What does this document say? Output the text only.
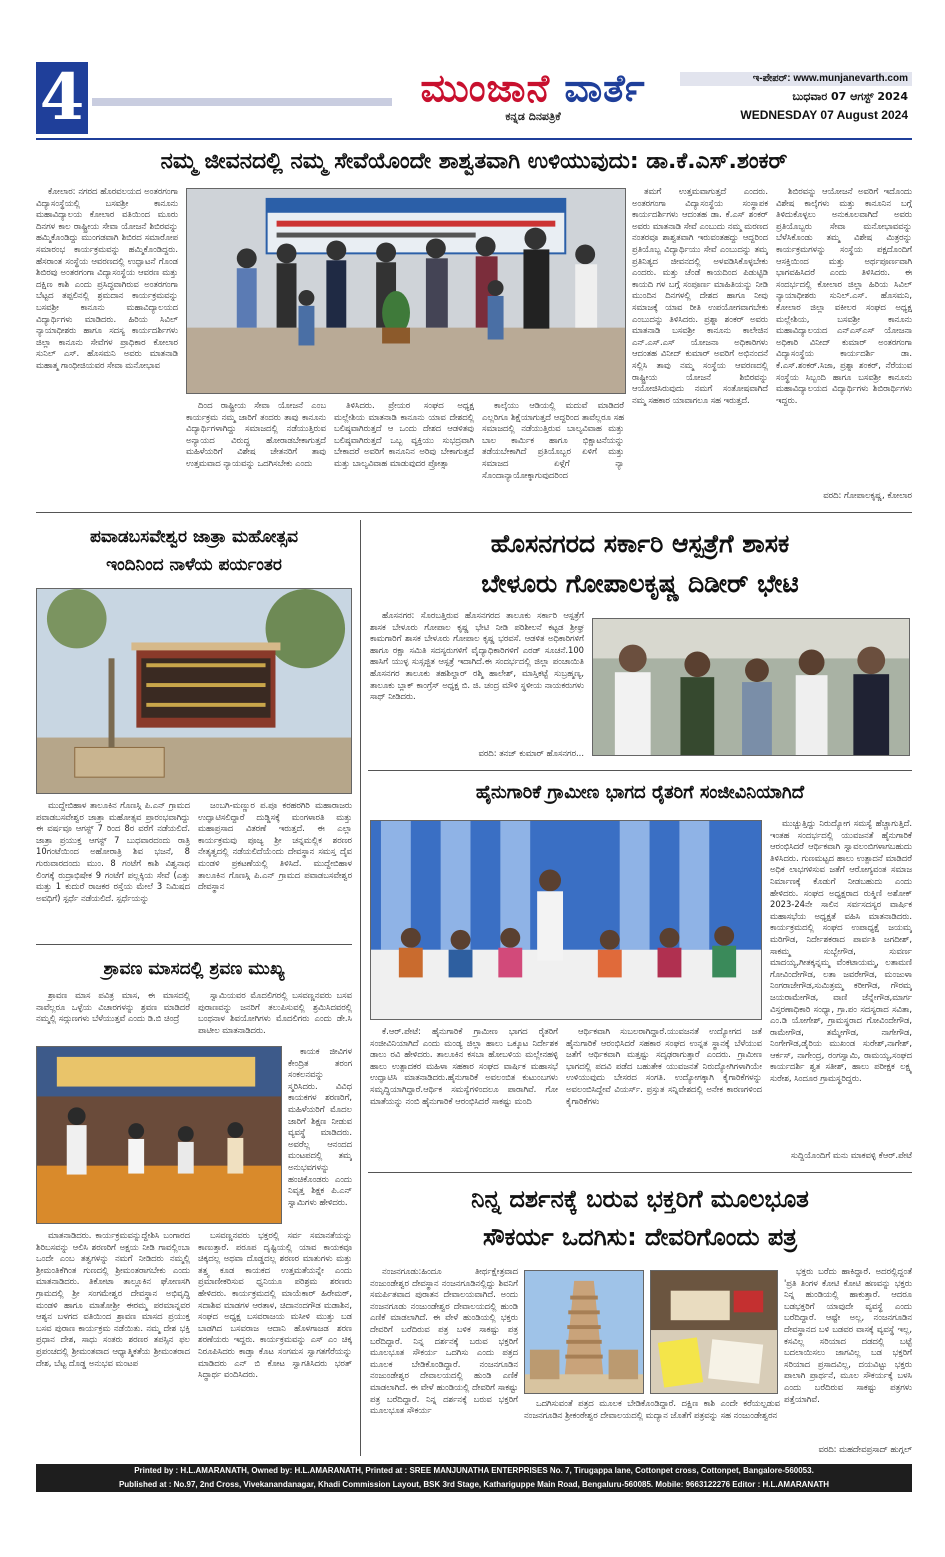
4	ಮುಂಜಾನೆ ವಾರ್ತೆ
ಕನ್ನಡ ದಿನಪತ್ರಿಕೆ
ಇ-ಪೇಪರ್: www.munjanevarth.com
ಬುಧವಾರ 07 ಆಗಸ್ಟ್ 2024
WEDNESDAY 07 August 2024
ನಮ್ಮ ಜೀವನದಲ್ಲಿ ನಮ್ಮ ಸೇವೆಯೊಂದೇ ಶಾಶ್ವತವಾಗಿ ಉಳಿಯುವುದು: ಡಾ.ಕೆ.ಎಸ್.ಶಂಕರ್

ಕೋಲಾರ: ನಗರದ ಹೊರವಲಯದ ಅಂತರಗಂಗಾ ವಿದ್ಯಾಸಂಸ್ಥೆಯಲ್ಲಿ ಬಸವಶ್ರೀ ಕಾನೂನು ಮಹಾವಿದ್ಯಾಲಯ ಕೋಲಾರ ವತಿಯಿಂದ ಮೂರು ದಿನಗಳ ಕಾಲ ರಾಷ್ಟ್ರೀಯ ಸೇವಾ ಯೋಜನೆ ಶಿಬಿರವನ್ನು ಹಮ್ಮಿಕೊಂಡಿದ್ದು ಮುಂಗಡವಾಗಿ ಶಿಬಿರದ ಸಮಾರೋಪ ಸಮಾರಂಭ ಕಾರ್ಯಕ್ರಮವನ್ನು ಹಮ್ಮಿಕೊಂಡಿದ್ದರು. ಹೆಸರಾಂತ ಸಂಸ್ಥೆಯ ಆವರಣದಲ್ಲಿ ಉದ್ಘಾಟನೆ ಗೊಂಡ ಶಿಬಿರವು ಅಂತರಗಂಗಾ ವಿದ್ಯಾಸಂಸ್ಥೆಯ ಆವರಣ ಮತ್ತು ದಕ್ಷಿಣ ಕಾಶಿ ಎಂದು ಪ್ರಸಿದ್ಧವಾಗಿರುವ ಅಂತರಗಂಗಾ ಬೆಟ್ಟದ ತಪ್ಪಲಿನಲ್ಲಿ ಶ್ರಮದಾನ ಕಾರ್ಯಕ್ರಮವನ್ನು ಬಸವಶ್ರೀ ಕಾನೂನು ಮಹಾವಿದ್ಯಾಲಯದ ವಿದ್ಯಾರ್ಥಿಗಳು ಮಾಡಿದರು. ಹಿರಿಯ ಸಿವಿಲ್ ನ್ಯಾಯಾಧೀಶರು ಹಾಗೂ ಸದಸ್ಯ ಕಾರ್ಯದರ್ಶಿಗಳು ಜಿಲ್ಲಾ ಕಾನೂನು ಸೇವೆಗಳ ಪ್ರಾಧಿಕಾರ ಕೋಲಾರ ಸುನಿಲ್ ಎಸ್. ಹೊಸಮನಿ ಅವರು ಮಾತನಾಡಿ ಮಹಾತ್ಮ ಗಾಂಧೀಜಿಯವರ ಸೇವಾ ಮನೋಭಾವ

ದಿಂದ ರಾಷ್ಟ್ರೀಯ ಸೇವಾ ಯೋಜನೆ ಎಂಬ ಕಾರ್ಯಕ್ರಮ ನಮ್ಮ ಜಾರಿಗೆ ತಂದರು ತಾವು ಕಾನೂನು ವಿದ್ಯಾರ್ಥಿಗಳಾಗಿದ್ದು ಸಮಾಜದಲ್ಲಿ ನಡೆಯುತ್ತಿರುವ ಅನ್ಯಾಯದ ವಿರುದ್ಧ ಹೋರಾಡಬೇಕಾಗುತ್ತದೆ ಮಹಿಳೆಯರಿಗೆ ವಿಶೇಷ ಚೇತನರಿಗೆ ತಾವು ಉತ್ತಮವಾದ ನ್ಯಾಯವನ್ನು ಒದಗಿಸಬೇಕು ಎಂದು

ತಿಳಿಸಿದರು. ಪ್ರೇಯರ ಸಂಘದ ಅಧ್ಯಕ್ಷ ಮಲ್ಲೇಶಿಯ ಮಾತನಾಡಿ ಕಾನೂನು ಯಾವ ದೇಶದಲ್ಲಿ ಬಲಿಷ್ಠವಾಗಿರುತ್ತದೆ ಆ ಒಂದು ದೇಶದ ಆಡಳಿತವು ಬಲಿಷ್ಠವಾಗಿರುತ್ತದೆ ಒಬ್ಬ ವ್ಯಕ್ತಿಯು ಸುಭದ್ರವಾಗಿ ಬೇಕಾದರೆ ಅವರಿಗೆ ಕಾನೂನಿನ ಅರಿವು ಬೇಕಾಗುತ್ತದೆ ಮತ್ತು ಬಾಲ್ಯವಿವಾಹ ಮಾಡುವುದರ ಪ್ರೋತ್ಸಾ

ಕಾಲ್ಕೆಯು ಆಡಿಯಲ್ಲಿ ಮದುವೆ ಮಾಡಿದರೆ ಎಲ್ಲರಿಗೂ ಶಿಕ್ಷೆಯಾಗುತ್ತದೆ ಆದ್ದರಿಂದ ತಾವೆಲ್ಲರೂ ಸಹ ಸಮಾಜದಲ್ಲಿ ನಡೆಯುತ್ತಿರುವ ಬಾಲ್ಯವಿವಾಹ ಮತ್ತು ಬಾಲ ಕಾರ್ಮಿಕ ಹಾಗೂ ಭಿಕ್ಷಾಟನೆಯನ್ನು ತಡೆಯಬೇಕಾಗಿದೆ ಪ್ರತಿಯೊಬ್ಬರ ಏಳಿಗೆ ಮತ್ತು ಸಮಾಜದ ಏಳ್ಗೆಗೆ ನ್ಯಾ ಸೊಂದಾನ್ಯಾಯೋಕ್ಕಾಗುವುದರಿಂದ

ತಮಗೆ ಉತ್ತಮವಾಗುತ್ತದೆ ಎಂದರು. ಅಂತರಗಂಗಾ ವಿದ್ಯಾಸಂಸ್ಥೆಯ ಸಂಸ್ಥಾಪಕ ಕಾರ್ಯದರ್ಶಿಗಳು ಆದಂತಹ ಡಾ. ಕೆ.ಎಸ್ ಶಂಕರ್ ಅವರು ಮಾತನಾಡಿ ಸೇವೆ ಎಂಬುದು ನಮ್ಮ ಮರಣದ ನಂತರವೂ ಶಾಶ್ವತವಾಗಿ ಇರುವಂತಹದ್ದು ಆದ್ದರಿಂದ ಪ್ರತಿಯೊಬ್ಬ ವಿದ್ಯಾರ್ಥಿಯು ಸೇವೆ ಎಂಬುದನ್ನು ತಮ್ಮ ಪ್ರತಿನಿತ್ಯದ ಜೀವನದಲ್ಲಿ ಅಳವಡಿಸಿಕೊಳ್ಳಬೇಕು ಎಂದರು. ಮತ್ತು ಚೆಂಡೆ ಕಾಯದಿಂದ ಪಿಡುಟ್ಟಿಡಿ ಕಾಯದಿ ಗಳ ಬಗ್ಗೆ ಸಂಪೂರ್ಣ ಮಾಹಿತಿಯನ್ನು ನೀಡಿ ಮುಂದಿನ ದಿನಗಳಲ್ಲಿ ದೇಶದ ಹಾಗೂ ನೀವು ಸಮಾಜಕ್ಕೆ ಯಾವ ರೀತಿ ಉಪಯೋಗವಾಗಬೇಕು ಎಂಬುದನ್ನು ತಿಳಿಸಿದರು. ಪ್ರಶ್ನಾ ಶಂಕರ್ ಅವರು ಮಾತನಾಡಿ ಬಸವಶ್ರೀ ಕಾನೂನು ಕಾಲೇಜಿನ ಎನ್.ಎಸ್.ಎಸ್ ಯೋಜನಾ ಅಧಿಕಾರಿಗಳು ಆದಂತಹ ವಿನೀದ್ ಕುಮಾರ್ ಅವರಿಗೆ ಅಭಿನಂದನೆ ಸಲ್ಲಿಸಿ ತಾವು ನಮ್ಮ ಸಂಸ್ಥೆಯ ಆವರಣದಲ್ಲಿ ರಾಷ್ಟ್ರೀಯ ಯೋಜನೆ ಶಿಬಿರವನ್ನು ಆಯೋಜಿಸಿರುವುದು ನಮಗೆ ಸಂತೋಷವಾಗಿದೆ ನಮ್ಮ ಸಹಕಾರ ಯಾವಾಗಲೂ ಸಹ ಇರುತ್ತದೆ.

ಶಿಬಿರವನ್ನು ಆಯೋಜನೆ ಅವರಿಗೆ ಇದೊಂದು ವಿಶೇಷ ಕಾಲ್ಕೆಗಳು ಮತ್ತು ಕಾನೂನಿನ ಬಗ್ಗೆ ತಿಳಿದುಕೊಳ್ಳಲು ಅನುಕೂಲವಾಗಿದೆ ಅವರು ಪ್ರತಿಯೊಬ್ಬರು ಸೇವಾ ಮನೋಭಾವವನ್ನು ಬೆಳೆಸಿಕೊಂಡು ತಮ್ಮ ವಿಶೇಷ ಮಿತ್ರರನ್ನು ಕಾರ್ಯಕ್ರಮಗಳನ್ನು ಸಂಸ್ಥೆಯ ಪಕ್ಷದೊಂದಿಗೆ ಆಸಕ್ತಿಯಿಂದ ಮತ್ತು ಅರ್ಥಪೂರ್ಣವಾಗಿ ಭಾಗವಹಿಸಿದರೆ ಎಂದು ತಿಳಿಸಿದರು. ಈ ಸಂದರ್ಭದಲ್ಲಿ ಕೋಲಾರ ಜಿಲ್ಲಾ ಹಿರಿಯ ಸಿವಿಲ್ ನ್ಯಾಯಾಧೀಶರು ಸುನಿಲ್.ಎಸ್. ಹೊಸಮನಿ, ಕೋಲಾರ ಜಿಲ್ಲಾ ವಕೀಲರ ಸಂಘದ ಅಧ್ಯಕ್ಷ ಮಲ್ಲೇಶಿಯ, ಬಸವಶ್ರೀ ಕಾನೂನು ಮಹಾವಿದ್ಯಾಲಯದ ಎನ್ಎಸ್ಎಸ್ ಯೋಜನಾ ಅಧಿಕಾರಿ ವಿನೀದ್ ಕುಮಾರ್ ಅಂತರಗಂಗಾ ವಿದ್ಯಾಸಂಸ್ಥೆಯ ಕಾರ್ಯದರ್ಶಿ ಡಾ. ಕೆ.ಎಸ್.ಶಂಕರ್.ಸಿಜಾ, ಪ್ರಶ್ನಾ ಶಂಕರ್, ನೆರೆಯುವ ಸಂಸ್ಥೆಯ ಸಿಬ್ಬಂದಿ ಹಾಗೂ ಬಸವಶ್ರೀ ಕಾನೂನು ಮಹಾವಿದ್ಯಾಲಯದ ವಿದ್ಯಾರ್ಥಿಗಳು ಶಿಬಿರಾರ್ಥಿಗಳು ಇದ್ದರು.

ವರದಿ: ಗೋಪಾಲಕೃಷ್ಣ, ಕೋಲಾರ
ಪವಾಡಬಸವೇಶ್ವರ ಜಾತ್ರಾ ಮಹೋತ್ಸವ
ಇಂದಿನಿಂದ ನಾಳೆಯ ಪರ್ಯಂತರ

ಮುದ್ದೇಬಿಹಾಳ ತಾಲೂಕಿನ ಗೊಣಸ್ಗಿ ಪಿ.ಎನ್ ಗ್ರಾಮದ ಪವಾಡಬಸವೇಶ್ವರ ಜಾತ್ರಾ ಮಹೋತ್ಸವ ಪ್ರಾರಂಭವಾಗಿದ್ದು ಈ ವರ್ಷವೂ ಆಗಸ್ಟ್ 7 ರಿಂದ 8ರ ವರೆಗೆ ನಡೆಯಲಿದೆ. ಜಾತ್ರಾ ಪ್ರಯುಕ್ತ ಆಗಸ್ಟ್ 7 ಬುಧವಾರದಂದು ರಾತ್ರಿ 10ಗಂಟೆಯಿಂದ ಅಹೋರಾತ್ರಿ ಶಿವ ಭಜನೆ, 8 ಗುರುವಾರದಂದು ಮುಂ. 8 ಗಂಟೆಗೆ ಕಾಶಿ ವಿಶ್ವನಾಥ ಲಿಂಗಕ್ಕೆ ರುದ್ರಾಭಿಷೇಕ 9 ಗಂಟೆಗೆ ಪಲ್ಲಕ್ಕಿಯ ಸೇವೆ (ಎತ್ತು ಮತ್ತು 1 ಕುದುರೆ ರಾಜಕರ ರಸ್ತೆಯ ಮೇಲೆ 3 ನಿಮಿಷದ ಅವಧಿಗೆ) ಸ್ಪರ್ಧೆ ನಡೆಯಲಿದೆ. ಸ್ಪರ್ಧೆಯನ್ನು

ಜಂಬಗಿ-ಮಣ್ಣುರ ಪ.ಪೂ ಕರಹರಗಿರಿ ಮಹಾರಾಜರು ಉದ್ಘಾಟಿಸಲಿದ್ದಾರೆ ದುಡ್ಡಿಸಕ್ಕೆ ಮಂಗಳಾರತಿ ಮತ್ತು ಮಹಾಪ್ರಸಾದ ವಿತರಣೆ ಇರುತ್ತದೆ. ಈ ಎಲ್ಲಾ ಕಾರ್ಯಕ್ರಮವು ಪೂಜ್ಯ ಶ್ರೀ ಚನ್ನಮಲ್ಲಿಕ ಶರಣರ ನೇತೃತ್ವದಲ್ಲಿ ನಡೆಯಲಿದೆಯೆಂದು ದೇವಸ್ಥಾನ ಸಮಸ್ತ ದೈವ ಮಂಡಳಿ ಪ್ರಕಟಣೆಯಲ್ಲಿ ತಿಳಿಸಿದೆ. ಮುದ್ದೇಬಿಹಾಳ ತಾಲೂಕಿನ ಗೊಣಸ್ಗಿ ಪಿ.ಎನ್ ಗ್ರಾಮದ ಪವಾಡಬಸವೇಶ್ವರ ದೇವಸ್ಥಾನ

ಶ್ರಾವಣ ಮಾಸದಲ್ಲಿ ಶ್ರವಣ ಮುಖ್ಯ

ಶ್ರಾವಣ ಮಾಸ ಪವಿತ್ರ ಮಾಸ, ಈ ಮಾಸದಲ್ಲಿ ನಾವೆಲ್ಲರೂ ಒಳ್ಳೆಯ ವಿಚಾರಗಳನ್ನು ಶ್ರವಣ ಮಾಡಿದರೆ ನಮ್ಮಲ್ಲಿ ಸದ್ಗುಣಗಳು ಬೆಳೆಯುತ್ತವೆ ಎಂದು ಡಿ.ಬಿ ಚಿಂದ್ರೆ

ಸ್ವಾಮಿಯವರ ಮೊದಲಿಗರಲ್ಲಿ ಬಸವಣ್ಣನವರು ಬಸವ ಪುರಾಣವನ್ನು ಜನರಿಗೆ ತಲುಪಿಸುವಲ್ಲಿ ಶ್ರಮಿಸಿದವರಲ್ಲಿ ಬಂಥನಾಳ ಶಿವಯೋಗಿಗಳು ಮೊದಲಿಗರು ಎಂದು ಡೇ.ಸಿ ಪಾಟೀಲ ಮಾತನಾಡಿದರು.

ಕಾಯಕ ಜೀವಿಗಳ ಕೇಂದ್ರಿತ ತರಂಗ ಸಂಕಲನವನ್ನು ಸ್ಮರಿಸಿದರು. ವಿವಿಧ ಕಾಯಕಗಳ ಶರಣರಿಗೆ, ಮಹಿಳೆಯರಿಗೆ ಮೊದಲ ಜಾರಿಗೆ ಶಿಕ್ಷಣ ನೀಡುವ ವ್ಯವಸ್ಥೆ ಮಾಡಿದರು. ಅವರೆಲ್ಲ ಆನಂದದ ಮಂಟಪದಲ್ಲಿ ತಮ್ಮ ಅನುಭವಗಳನ್ನು ಹಂಚಿಕೊಂಡರು ಎಂದು ನಿವೃತ್ತ ಶಿಕ್ಷಕ ಪಿ.ಎನ್ ಸ್ವಾಮಿಗಳು ಹೇಳಿದರು.

ಮಾತನಾಡಿದರು. ಕಾರ್ಯಕ್ರಮವನ್ನುದ್ದೇಶಿಸಿ ಬಂಗಾರದ ಶಿರಿಬಸವನ್ನು ಆಲಿಸಿ ಶರಣರಿಗೆ ಅಕ್ಷಯ ನೀಡಿ ಗಾವಲ್ಲಿಂಬಾ ಒಂದೇ ಎಂಬ ತತ್ವಗಳನ್ನು ನಮಗೆ ನೀಡಿದರು ನಮ್ಮಲ್ಲಿ ಶ್ರೀಮಂತಿಕೆಗಿಂತ ಗುಣದಲ್ಲಿ ಶ್ರೀಮಂತರಾಗಬೇಕು ಎಂದು ಮಾತನಾಡಿದರು. ತಿಕೋಟಾ ತಾಲ್ಲೂಕಿನ ಘೋಣಸಗಿ ಗ್ರಾಮದಲ್ಲಿ ಶ್ರೀ ಸಂಗಮೇಶ್ವರ ದೇವಸ್ಥಾನ ಅಭಿವೃದ್ಧಿ ಮಂಡಳಿ ಹಾಗೂ ಮಾತೋಶ್ರೀ ಈರಮ್ಮ ಪರಮಾನ್ನವರ ಆಶ್ಯನ ಬಳಗದ ವತಿಯಿಂದ ಶ್ರಾವಣ ಮಾಸದ ಪ್ರಯುಕ್ತ ಬಸವ ಪುರಾಣ ಕಾರ್ಯಕ್ರಮ ನಡೆಯಿತು. ನಮ್ಮ ದೇಶ ಭಕ್ತಿ ಪ್ರಧಾನ ದೇಶ, ಸಾಧು ಸಂತರು ಶರಣರ ತಪಸ್ಸಿನ ಫಲ ಪ್ರಪಂಚದಲ್ಲಿ ಶ್ರೀಮಂತವಾದ ಆಧ್ಯಾತ್ಮಿಕತೆಯ ಶ್ರೀಮಂತರಾದ ದೇಶ, ಬೆಟ್ಟ ದೊಡ್ಡ ಅನುಭವ ಮಂಟಪ

ಬಸವಣ್ಣನವರು ಭಕ್ತರಲ್ಲಿ ಸರ್ವ ಸಮಾನತೆಯನ್ನು ಕಾಣುತ್ತಾರೆ. ಪರೂಪ ದೃಷ್ಟಿಯಲ್ಲಿ ಯಾವ ಕಾಯಕವೂ ಚಿಕ್ಕದಲ್ಲ ಅಥವಾ ದೊಡ್ಡದಲ್ಲ ಶರಣರ ಮಾತುಗಳು ಮತ್ತು ತತ್ತ್ವ ಕೂಡ ಕಾಯಕದ ಉತ್ತಮತೆಯನ್ನೇ ಎಂದು ಪ್ರಮಾಣೀಕರಿಸುವ ಧ್ವನಿಯೂ ಪರಿಶ್ರಮ ಶರಣರು ಹೇಳಿದರು. ಕಾರ್ಯಕ್ರಮದಲ್ಲಿ ಮಾಯೆಕಾರ್ ಹಿರೇಮಠ್, ಸದಾಶಿವ ಮಾಡಗಳ ಆರತಾಳ, ಚಿದಾನಂದಗೌಡ ಮಡಾಶಿನ, ಸಂಘದ ಅಧ್ಯಕ್ಷ ಬಸವರಾಜಯ ಮಸೀಳಿ ಮುತ್ತು ಬಡ ಬಾಡಗಿದ ಬಸವರಾಜ ಆದಾನಿ ಹೊಳಗಾಜಡ ಶರಣ ಶರಣೆಯರು ಇದ್ದರು. ಕಾರ್ಯಕ್ರಮವನ್ನು ಎಸ್ ಎಂ ಚಿಕ್ಕ ನಿರೂಪಿಸಿದರು ಕಾಡ್ತಾ ಕೊಟ ಸಂಗಮಸ ಸ್ವಾಗತಗೆರೆಯನ್ನು ಮಾಡಿದರು ಎನ್ ಬಿ ಕೋಟ ಸ್ವಾಗತಿಸಿದರು ಭರತ್ ಸಿದ್ಧಾರ್ಥ ವಂದಿಸಿದರು.

ಹೊಸನಗರದ ಸರ್ಕಾರಿ ಆಸ್ಪತ್ರೆಗೆ ಶಾಸಕ
ಬೇಳೂರು ಗೋಪಾಲಕೃಷ್ಣ ದಿಡೀರ್ ಭೇಟಿ

ಹೊಸನಗರ: ಸೊರಬತ್ತಿರುವ ಹೊಸನಗರದ ತಾಲೂಕು ಸರ್ಕಾರಿ ಆಸ್ಪತ್ರೆಗೆ ಶಾಸಕ ಬೇಳೂರು ಗೋಪಾಲ ಕೃಷ್ಣ ಭೇಟಿ ನೀಡಿ ಪರಿಶೀಲನೆ ಕಟ್ಟಡ ಶ್ರೀಘ್ರ ಕಾಮಗಾರಿಗೆ ಶಾಸಕ ಬೇಳೂರು ಗೋಪಾಲ ಕೃಷ್ಣ ಭರವಸೆ. ಆಡಳಿತ ಅಧಿಕಾರಿಗಳಿಗೆ ಹಾಗೂ ರಕ್ಷಾ ಸಮಿತಿ ಸದಸ್ಯರುಗಳಿಗೆ ವೈದ್ಯಾಧಿಕಾರಿಗಳಿಗೆ ಎರಡ್ ಸೂಚನೆ.100 ಹಾಸಿಗೆ ಯುಳ್ಳ ಸುಸ್ಸಜ್ಜಿತ ಆಸ್ಪತ್ರೆ ಇದಾಗಿದೆ.ಈ ಸಂದರ್ಭದಲ್ಲಿ ಜಿಲ್ಲಾ ಪಂಚಾಯಿತಿ ಹೊಸನಗರ ತಾಲೂಕು ತಹಶಿಲ್ದಾರ್ ರಶ್ಮಿ ಹಾಲೇಶ್, ಮಾಸ್ತಿಕಟ್ಟೆ ಸುಬ್ರಹ್ಮಣ್ಯ, ತಾಲೂಕು ಬ್ಲಾಕ್ ಕಾಂಗ್ರೆಸ್ ಅಧ್ಯಕ್ಷ ಬಿ. ಜಿ. ಚಂದ್ರ ಮೌಳಿ ಸ್ಥಳೀಯ ನಾಯಕರುಗಳು ಸಾಥ್ ನೀಡಿದರು.

ವರದಿ: ತನಜ್ ಕುಮಾರ್ ಹೊಸನಗರ...
ಹೈನುಗಾರಿಕೆ ಗ್ರಾಮೀಣ ಭಾಗದ ರೈತರಿಗೆ ಸಂಜೀವಿನಿಯಾಗಿದೆ

ಕೆ.ಆರ್.ಪೇಟೆ: ಹೈನುಗಾರಿಕೆ ಗ್ರಾಮೀಣ ಭಾಗದ ರೈತರಿಗೆ ಸಂಜೀವಿನಿಯಾಗಿದೆ ಎಂದು ಮಂಡ್ಯ ಜಿಲ್ಲಾ ಹಾಲು ಒಕ್ಕೂಟ ನಿರ್ದೇಶಕ ಡಾಲು ರವಿ ಹೇಳಿದರು. ತಾಲೂಕಿನ ಕಸಬಾ ಹೋಬಳಿಯ ಮಲ್ಲೇನಹಳ್ಳಿ ಹಾಲು ಉತ್ಪಾದಕರ ಮಹಿಳಾ ಸಹಕಾರ ಸಂಘದ ವಾರ್ಷಿಕ ಮಹಾಸಭೆ ಉದ್ಘಾಟಿಸಿ ಮಾತನಾಡಿದರು.ಹೈನುಗಾರಿಕೆ ಅವಲಂಬಿತ ಕುಟುಂಬಗಳು ಸಮೃದ್ಧಿಯಾಗಿದ್ದಾರೆ.ಆರ್ಥಿಕ ಸಮಸ್ಯೆಗಳಿಂದಲೂ ಪಾರಾಗಿವೆ. ಗೋ ಮಾತೆಯನ್ನು ನಂಬಿ ಹೈನುಗಾರಿಕೆ ಆರಂಭಿಸಿದರೆ ಸಾಕಷ್ಟು ಮಂದಿ

ಆರ್ಥಿಕವಾಗಿ ಸುಬಲರಾಗಿದ್ದಾರೆ.ಯುವಜನತೆ ಉದ್ಯೋಗದ ಜತೆ ಹೈನುಗಾರಿಕೆ ಆರಂಭಿಸಿದರೆ ಸಹಕಾರ ಸಂಘದ ಉನ್ನತ ಸ್ಥಾನಕ್ಕೆ ಬೆಳೆಯುವ ಜತೆಗೆ ಆರ್ಥಿಕವಾಗಿ ಮತ್ತಷ್ಟು ಸದೃಢರಾಗುತ್ತಾರೆ ಎಂದರು. ಗ್ರಾಮೀಣ ಭಾಗದಲ್ಲಿ ಪದವಿ ಪಡೆದ ಬಹುತೇಕ ಯುವಜನತೆ ನಿರುದ್ಯೋಗಿಗಳಾಗಿಯೇ ಉಳಿಯುವುದು ಬೇಸರದ ಸಂಗತಿ. ಉದ್ಯೋಗಕ್ಕಾಗಿ ಕೈಗಾರಿಕೆಗಳನ್ನು ಅವಲಂಬಿಸಿದ್ದೇವೆ ವಿಯರ್ಸ್. ಪ್ರಸ್ತುತ ಸನ್ನಿವೇಶದಲ್ಲಿ ಅನೇಕ ಕಾರಣಗಳಿಂದ ಕೈಗಾರಿಕೆಗಳು

ಮುಚ್ಚುತ್ತಿದ್ದು ನಿರುದ್ಯೋಗ ಸಮಸ್ಯೆ ಹೆಚ್ಚಾಗುತ್ತಿದೆ. ಇಂತಹ ಸಂದರ್ಭದಲ್ಲಿ ಯುವಜನತೆ ಹೈನುಗಾರಿಕೆ ಆರಂಭಿಸಿದರೆ ಆರ್ಥಿಕವಾಗಿ ಸ್ವಾವಲಂಬಿಗಳಾಗಬಹುದು ತಿಳಿಸಿದರು. ಗುಣಮಟ್ಟದ ಹಾಲು ಉತ್ಪಾದನೆ ಮಾಡಿದರೆ ಅಧಿಕ ಲಾಭಗಳಿಸುವ ಜತೆಗೆ ಆರೋಗ್ಯವಂತ ಸಮಾಜ ನಿರ್ಮಾಣಕ್ಕೆ ಕೊಡುಗೆ ನೀಡಬಹುದು ಎಂದು ಹೇಳಿದರು. ಸಂಘದ ಅಧ್ಯಕ್ಷರಾದ ರುಕ್ಮಿಣಿ ಅಶೋಕ್ 2023-24ನೇ ಸಾಲಿನ ಸರ್ವಸದಸ್ಯರ ವಾರ್ಷಿಕ ಮಹಾಸಭೆಯ ಅಧ್ಯಕ್ಷತೆ ವಹಿಸಿ ಮಾತನಾಡಿದರು. ಕಾರ್ಯಕ್ರಮದಲ್ಲಿ ಸಂಘದ ಉಪಾಧ್ಯಕ್ಷೆ ಜಯಮ್ಮ ಮರಿಗೌಡ, ನಿರ್ದೇಶಕರಾದ ಪಾರ್ವತಿ ಜಗದೀಶ್, ಸಾಕಮ್ಮ ಸುಬ್ಬೇಗೌಡ, ಸುವರ್ಣ ಮಾದಯ್ಯ,ಗೀತಕ್ಕನ್ನಮ್ಮ ವೆಂಕಟಾಯಮ್ಮ, ಲತಾಮಣಿ ಗೋವಿಂದೇಗೌಡ, ಲತಾ ಜವರೇಗೌಡ, ಮಂಜುಳಾ ನಿಂಗರಾಜೇಗೌಡ,ಸುಮಿತ್ರಮ್ಮ ಕರೀಗೌಡ, ಗೌರಮ್ಮ ಜಯರಾಮೇಗೌಡ, ವಾಣಿ ಜೆನ್ನೇಗೌಡ,ಮಾರ್ಗ ವಿಸ್ತರಣಾಧಿಕಾರಿ ಸಂಧ್ಯಾ, ಗ್ರಾ.ಪಂ ಸದಸ್ಯರಾದ ಸವಿತಾ, ಎಂ.ಡಿ ಯೋಗೇಶ್, ಗ್ರಾಮಸ್ಥರಾದ ಗೋವಿಂದೇಗೌಡ, ರಾಮೇಗೌಡ, ತಮ್ಮೇಗೌಡ, ನಾಗೇಗೌಡ, ನಿಂಗೇಗೌಡ,ಡೈರಿಯ ಮುಖಂಡ ಸುರೇಶ್,ನಾಗೇಶ್, ಆರ್ಕಸ್, ನಾಗೇಂದ್ರ, ರಂಗಸ್ವಾಮಿ, ರಾಮಯ್ಯ,ಸಂಘದ ಕಾರ್ಯದರ್ಶಿ ಶ್ವತ ಸತೀಶ್, ಹಾಲು ಪರೀಕ್ಷಕ ಲಕ್ಷ್ಮ ಸುರೇಶ, ಸಿಂದೂರ ಗ್ರಾಮಸ್ಥರಿದ್ದರು.

ಸುದ್ದಿಯೊಂದಿಗೆ ಮನು ಮಾಕವಳ್ಳಿ ಕೆಆರ್.ಪೇಟೆ
ನಿನ್ನ ದರ್ಶನಕ್ಕೆ ಬರುವ ಭಕ್ತರಿಗೆ ಮೂಲಭೂತ
ಸೌಕರ್ಯ ಒದಗಿಸು: ದೇವರಿಗೊಂದು ಪತ್ರ

ನಂಜನಗೂಡು:ಹಿಂದೂ ತೀರ್ಥಕ್ಷೇತ್ರವಾದ ನಂಜುಂಡೇಶ್ವರ ದೇವಸ್ಥಾನ ನಂಜನಗೂಡಿನಲ್ಲಿದ್ದು ಶಿವನಿಗೆ ಸಮರ್ಪಿತವಾದ ಪುರಾತನ ದೇವಾಲಯವಾಗಿದೆ. ಅಂದು ನಂಜನಗೂಡು ನಂಜುಂಡೇಶ್ವರ ದೇವಾಲಯದಲ್ಲಿ ಹುಂಡಿ ಎಣಿಕೆ ಮಾಡಲಾಗಿದೆ. ಈ ವೇಳೆ ಹುಂಡಿಯಲ್ಲಿ ಭಕ್ತರು ದೇವರಿಗೆ ಬರೆದಿರುವ ಪತ್ರ ಬಳಿಕ ಸಾಕಷ್ಟು ಪತ್ರ ಬರೆದಿದ್ದಾರೆ. ನಿನ್ನ ದರ್ಶನಕ್ಕೆ ಬರುವ ಭಕ್ತರಿಗೆ ಮೂಲಭೂತ ಸೌಕರ್ಯ ಒದಗಿಸು ಎಂದು ಪತ್ರದ ಮೂಲಕ ಬೇಡಿಕೊಂಡಿದ್ದಾರೆ. ನಂಜನಗೂಡಿನ ನಂಜುಂಡೇಶ್ವರ ದೇವಾಲಯದಲ್ಲಿ ಹುಂಡಿ ಎಣಿಕೆ ಮಾಡಲಾಗಿದೆ. ಈ ವೇಳೆ ಹುಂಡಿಯಲ್ಲಿ ದೇವರಿಗೆ ಸಾಕಷ್ಟು ಪತ್ರ ಬರೆದಿದ್ದಾರೆ. ನಿನ್ನ ದರ್ಶನಕ್ಕೆ ಬರುವ ಭಕ್ತರಿಗೆ ಮೂಲಭೂತ ಸೌಕರ್ಯ

ಒದಗಿಸುವಂತೆ ಪತ್ರದ ಮೂಲಕ ಬೇಡಿಕೊಂಡಿದ್ದಾರೆ. ದಕ್ಷಿಣ ಕಾಶಿ ಎಂದೇ ಕರೆಯಲ್ಪಡುವ ನಂಜನಗೂಡಿನ ಶ್ರೀಕಂಠೇಶ್ವರ ದೇವಾಲಯದಲ್ಲಿ ಮದ್ಯಾನ ಜೊತೆಗೆ ಪತ್ರವನ್ನು ಸಹ ನಂಜುಂಡೇಶ್ವರನ

ಭಕ್ತರು ಬರೆದು ಹಾಕಿದ್ದಾರೆ. ಅದರಲ್ಲಿದ್ದಂತೆ 'ಪ್ರತಿ ತಿಂಗಳ ಕೋಟಿ ಕೋಟಿ ಹಣವನ್ನು ಭಕ್ತರು ನಿನ್ನ ಹುಂಡಿಯಲ್ಲಿ ಹಾಕುತ್ತಾರೆ. ಆದರೂ ಬಡಭಕ್ತರಿಗೆ ಯಾವುದೇ ವ್ಯವಸ್ಥೆ ಎಂದು ಬರೆದಿದ್ದಾರೆ. ಆಷ್ಟೇ ಅಲ್ಲ, ನಂಜನಗೂಡಿನ ದೇವಸ್ಥಾನದ ಬಳಿ ಬಡವರ ವಾಸಕ್ಕೆ ವ್ಯವಸ್ಥೆ ಇಲ್ಲ, ಕಸವಿಲ್ಲ ಸರಿಯಾದ ದಡದಲ್ಲಿ ಬಟ್ಟೆ ಬದಲಾಯಿಸಲು ಜಾಗವಿಲ್ಲ ಬಡ ಭಕ್ತರಿಗೆ ಸರಿಯಾದ ಪ್ರಸಾದವಿಲ್ಲ, ದಯವಿಟ್ಟು ಭಕ್ತರು ಪಾಲಾಗಿ ಪ್ರಾರ್ಥನೆ, ಮೂಲ ಸೌಕರ್ಯಕ್ಕೆ ಬಳಸಿ ಎಂದು ಬರೆದಿರುವ ಸಾಕಷ್ಟು ಪತ್ರಗಳು ಪತ್ತೆಯಾಗಿವೆ.

ವರದಿ: ಮಹದೇವಪ್ರಸಾದ್ ಹುಗ್ಗಲ್
Printed by : H.L.AMARANATH, Owned by: H.L.AMARANATH, Printed at : SREE MANJUNATHA ENTERPRISES No. 7, Tirugappa lane, Cottonpet cross, Cottonpet, Bangalore-560053.
Published at : No.97, 2nd Cross, Vivekanandanagar, Khadi Commission Layout, BSK 3rd Stage, Kathariguppe Main Road, Bengaluru-560085. Mobile: 9663122276 Editor : H.L.AMARANATH
